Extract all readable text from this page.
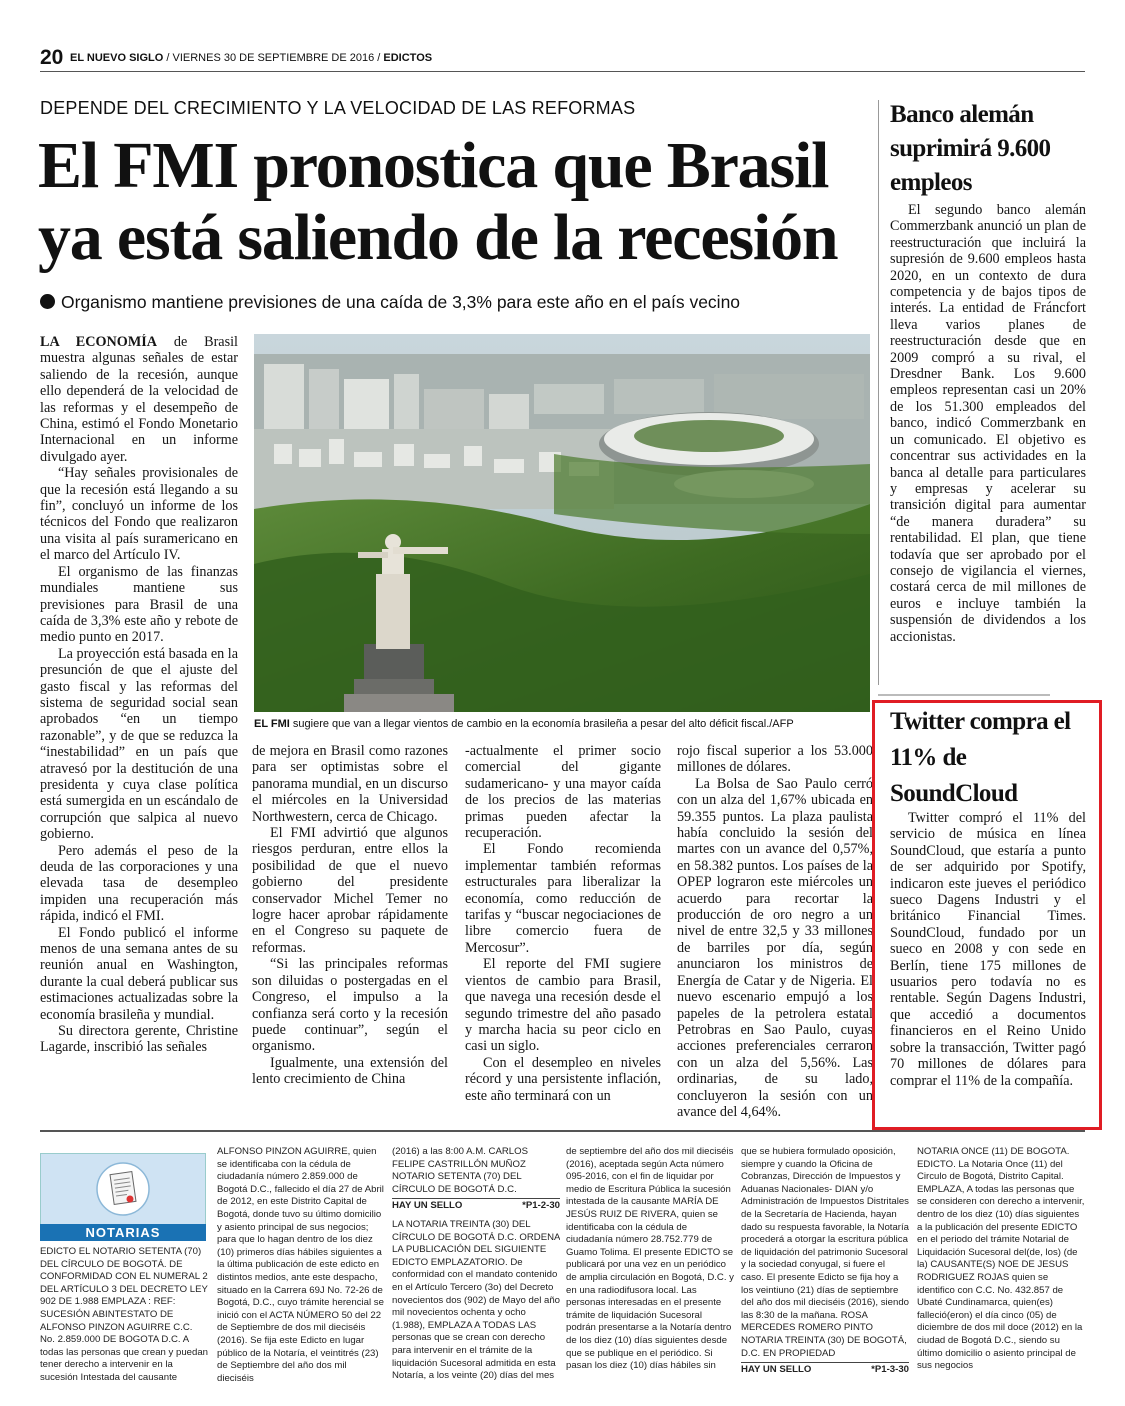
20 EL NUEVO SIGLO / VIERNES 30 DE SEPTIEMBRE DE 2016 / EDICTOS
DEPENDE DEL CRECIMIENTO Y LA VELOCIDAD DE LAS REFORMAS
El FMI pronostica que Brasil ya está saliendo de la recesión
Organismo mantiene previsiones de una caída de 3,3% para este año en el país vecino

LA ECONOMÍA de Brasil muestra algunas señales de estar saliendo de la recesión, aunque ello dependerá de la velocidad de las reformas y el desempeño de China, estimó el Fondo Monetario Internacional en un informe divulgado ayer.

“Hay señales provisionales de que la recesión está llegando a su fin”, concluyó un informe de los técnicos del Fondo que realizaron una visita al país suramericano en el marco del Artículo IV.

El organismo de las finanzas mundiales mantiene sus previsiones para Brasil de una caída de 3,3% este año y rebote de medio punto en 2017.

La proyección está basada en la presunción de que el ajuste del gasto fiscal y las reformas del sistema de seguridad social sean aprobados “en un tiempo razonable”, y de que se reduzca la “inestabilidad” en un país que atravesó por la destitución de una presidenta y cuya clase política está sumergida en un escándalo de corrupción que salpica al nuevo gobierno.

Pero además el peso de la deuda de las corporaciones y una elevada tasa de desempleo impiden una recuperación más rápida, indicó el FMI.

El Fondo publicó el informe menos de una semana antes de su reunión anual en Washington, durante la cual deberá publicar sus estimaciones actualizadas sobre la economía brasileña y mundial.

Su directora gerente, Christine Lagarde, inscribió las señales

EL FMI sugiere que van a llegar vientos de cambio en la economía brasileña a pesar del alto déficit fiscal./AFP

de mejora en Brasil como razones para ser optimistas sobre el panorama mundial, en un discurso el miércoles en la Universidad Northwestern, cerca de Chicago.

El FMI advirtió que algunos riesgos perduran, entre ellos la posibilidad de que el nuevo gobierno del presidente conservador Michel Temer no logre hacer aprobar rápidamente en el Congreso su paquete de reformas.

“Si las principales reformas son diluidas o postergadas en el Congreso, el impulso a la confianza será corto y la recesión puede continuar”, según el organismo.

Igualmente, una extensión del lento crecimiento de China

-actualmente el primer socio comercial del gigante sudamericano- y una mayor caída de los precios de las materias primas pueden afectar la recuperación.

El Fondo recomienda implementar también reformas estructurales para liberalizar la economía, como reducción de tarifas y “buscar negociaciones de libre comercio fuera de Mercosur”.

El reporte del FMI sugiere vientos de cambio para Brasil, que navega una recesión desde el segundo trimestre del año pasado y marcha hacia su peor ciclo en casi un siglo.

Con el desempleo en niveles récord y una persistente inflación, este año terminará con un

rojo fiscal superior a los 53.000 millones de dólares.

La Bolsa de Sao Paulo cerró con un alza del 1,67% ubicada en 59.355 puntos. La plaza paulista había concluido la sesión del martes con un avance del 0,57%, en 58.382 puntos. Los países de la OPEP lograron este miércoles un acuerdo para recortar la producción de oro negro a un nivel de entre 32,5 y 33 millones de barriles por día, según anunciaron los ministros de Energía de Catar y de Nigeria. El nuevo escenario empujó a los papeles de la petrolera estatal Petrobras en Sao Paulo, cuyas acciones preferenciales cerraron con un alza del 5,56%. Las ordinarias, de su lado, concluyeron la sesión con un avance del 4,64%.

Banco alemán suprimirá 9.600 empleos

El segundo banco alemán Commerzbank anunció un plan de reestructuración que incluirá la supresión de 9.600 empleos hasta 2020, en un contexto de dura competencia y de bajos tipos de interés. La entidad de Fráncfort lleva varios planes de reestructuración desde que en 2009 compró a su rival, el Dresdner Bank. Los 9.600 empleos representan casi un 20% de los 51.300 empleados del banco, indicó Commerzbank en un comunicado. El objetivo es concentrar sus actividades en la banca al detalle para particulares y empresas y acelerar su transición digital para aumentar “de manera duradera” su rentabilidad. El plan, que tiene todavía que ser aprobado por el consejo de vigilancia el viernes, costará cerca de mil millones de euros e incluye también la suspensión de dividendos a los accionistas.

Twitter compra el 11% de SoundCloud

Twitter compró el 11% del servicio de música en línea SoundCloud, que estaría a punto de ser adquirido por Spotify, indicaron este jueves el periódico sueco Dagens Industri y el británico Financial Times. SoundCloud, fundado por un sueco en 2008 y con sede en Berlín, tiene 175 millones de usuarios pero todavía no es rentable. Según Dagens Industri, que accedió a documentos financieros en el Reino Unido sobre la transacción, Twitter pagó 70 millones de dólares para comprar el 11% de la compañía.

NOTARIAS
EDICTO EL NOTARIO SETENTA (70) DEL CÍRCULO DE BOGOTÁ. DE CONFORMIDAD CON EL NUMERAL 2 DEL ARTÍCULO 3 DEL DECRETO LEY 902 DE 1.988 EMPLAZA : REF: SUCESIÓN ABINTESTATO DE ALFONSO PINZON AGUIRRE C.C. No. 2.859.000 DE BOGOTA D.C. A todas las personas que crean y puedan tener derecho a intervenir en la sucesión Intestada del causante
ALFONSO PINZON AGUIRRE, quien se identificaba con la cédula de ciudadanía número 2.859.000 de Bogotá D.C., fallecido el día 27 de Abril de 2012, en este Distrito Capital de Bogotá, donde tuvo su último domicilio y asiento principal de sus negocios; para que lo hagan dentro de los diez (10) primeros días hábiles siguientes a la última publicación de este edicto en distintos medios, ante este despacho, situado en la Carrera 69J No. 72-26 de Bogotá, D.C., cuyo trámite herencial se inició con el ACTA NÚMERO 50 del 22 de Septiembre de dos mil dieciséis (2016). Se fija este Edicto en lugar público de la Notaría, el veintitrés (23) de Septiembre del año dos mil dieciséis
(2016) a las 8:00 A.M. CARLOS FELIPE CASTRILLÓN MUÑOZ NOTARIO SETENTA (70) DEL CÍRCULO DE BOGOTÁ D.C.
HAY UN SELLO	*P1-2-30
LA NOTARIA TREINTA (30) DEL CÍRCULO DE BOGOTÁ D.C. ORDENA LA PUBLICACIÓN DEL SIGUIENTE EDICTO EMPLAZATORIO. De conformidad con el mandato contenido en el Artículo Tercero (3o) del Decreto novecientos dos (902) de Mayo del año mil novecientos ochenta y ocho (1.988), EMPLAZA A TODAS LAS personas que se crean con derecho para intervenir en el trámite de la liquidación Sucesoral admitida en esta Notaría, a los veinte (20) días del mes
de septiembre del año dos mil dieciséis (2016), aceptada según Acta número 095-2016, con el fin de liquidar por medio de Escritura Pública la sucesión intestada de la causante MARÍA DE JESÚS RUIZ DE RIVERA, quien se identificaba con la cédula de ciudadanía número 28.752.779 de Guamo Tolima. El presente EDICTO se publicará por una vez en un periódico de amplia circulación en Bogotá, D.C. y en una radiodifusora local. Las personas interesadas en el presente trámite de liquidación Sucesoral podrán presentarse a la Notaría dentro de los diez (10) días siguientes desde que se publique en el periódico. Si pasan los diez (10) días hábiles sin
que se hubiera formulado oposición, siempre y cuando la Oficina de Cobranzas, Dirección de Impuestos y Aduanas Nacionales- DIAN y/o Administración de Impuestos Distritales de la Secretaría de Hacienda, hayan dado su respuesta favorable, la Notaría procederá a otorgar la escritura pública de liquidación del patrimonio Sucesoral y la sociedad conyugal, si fuere el caso. El presente Edicto se fija hoy a los veintiuno (21) días de septiembre del año dos mil dieciséis (2016), siendo las 8:30 de la mañana. ROSA MERCEDES ROMERO PINTO NOTARIA TREINTA (30) DE BOGOTÁ, D.C. EN PROPIEDAD
HAY UN SELLO	*P1-3-30
NOTARIA ONCE (11) DE BOGOTA. EDICTO. La Notaria Once (11) del Circulo de Bogotá, Distrito Capital. EMPLAZA, A todas las personas que se consideren con derecho a intervenir, dentro de los diez (10) días siguientes a la publicación del presente EDICTO en el periodo del trámite Notarial de Liquidación Sucesoral del(de, los) (de la) CAUSANTE(S) NOE DE JESUS RODRIGUEZ ROJAS quien se identifico con C.C. No. 432.857 de Ubaté Cundinamarca, quien(es) falleció(eron) el día cinco (05) de diciembre de dos mil doce (2012) en la ciudad de Bogotá D.C., siendo su último domicilio o asiento principal de sus negocios
